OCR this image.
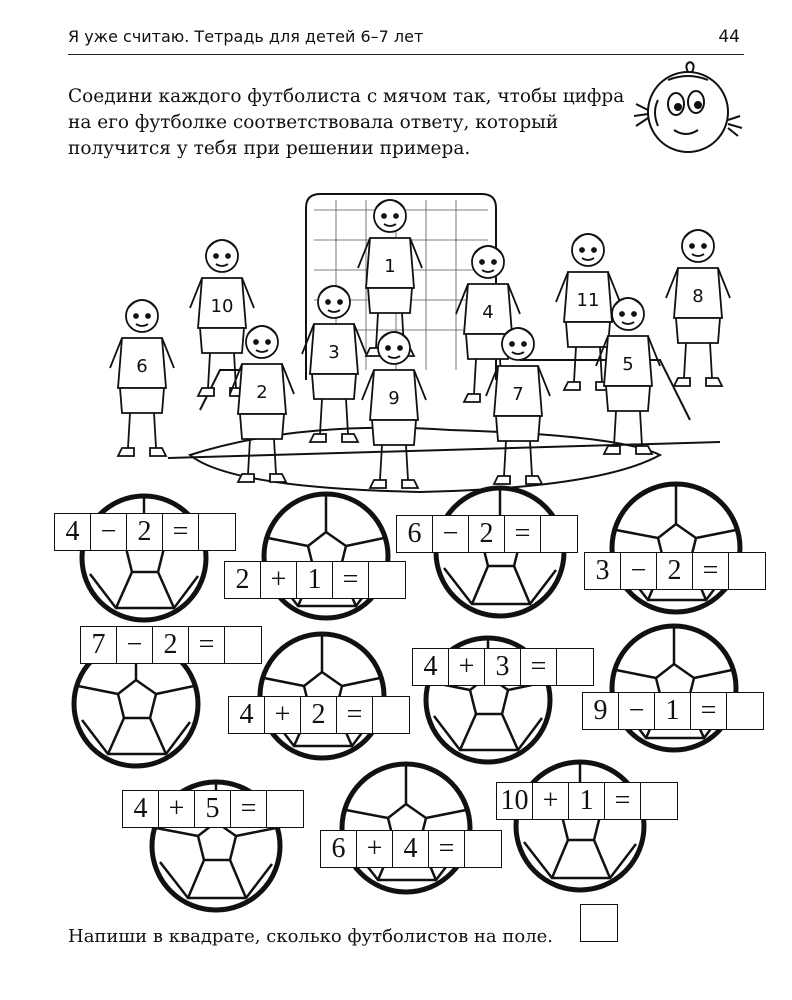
Я уже считаю. Тетрадь для детей 6–7 лет	44
Соедини каждого футболиста с мячом так, чтобы цифра на его футболке соответствовала ответу, который получится у тебя при решении примера.
1
10	4
11	8
6
3
2	9	7
5
4 − 2 =
2 + 1 =
6 − 2 =
3 − 2 =
7 − 2 =
4 + 2 =
4 + 3 =
9 − 1 =
4 + 5 =
6 + 4 =
10 + 1 =
Напиши в квадрате, сколько футболистов на поле.
